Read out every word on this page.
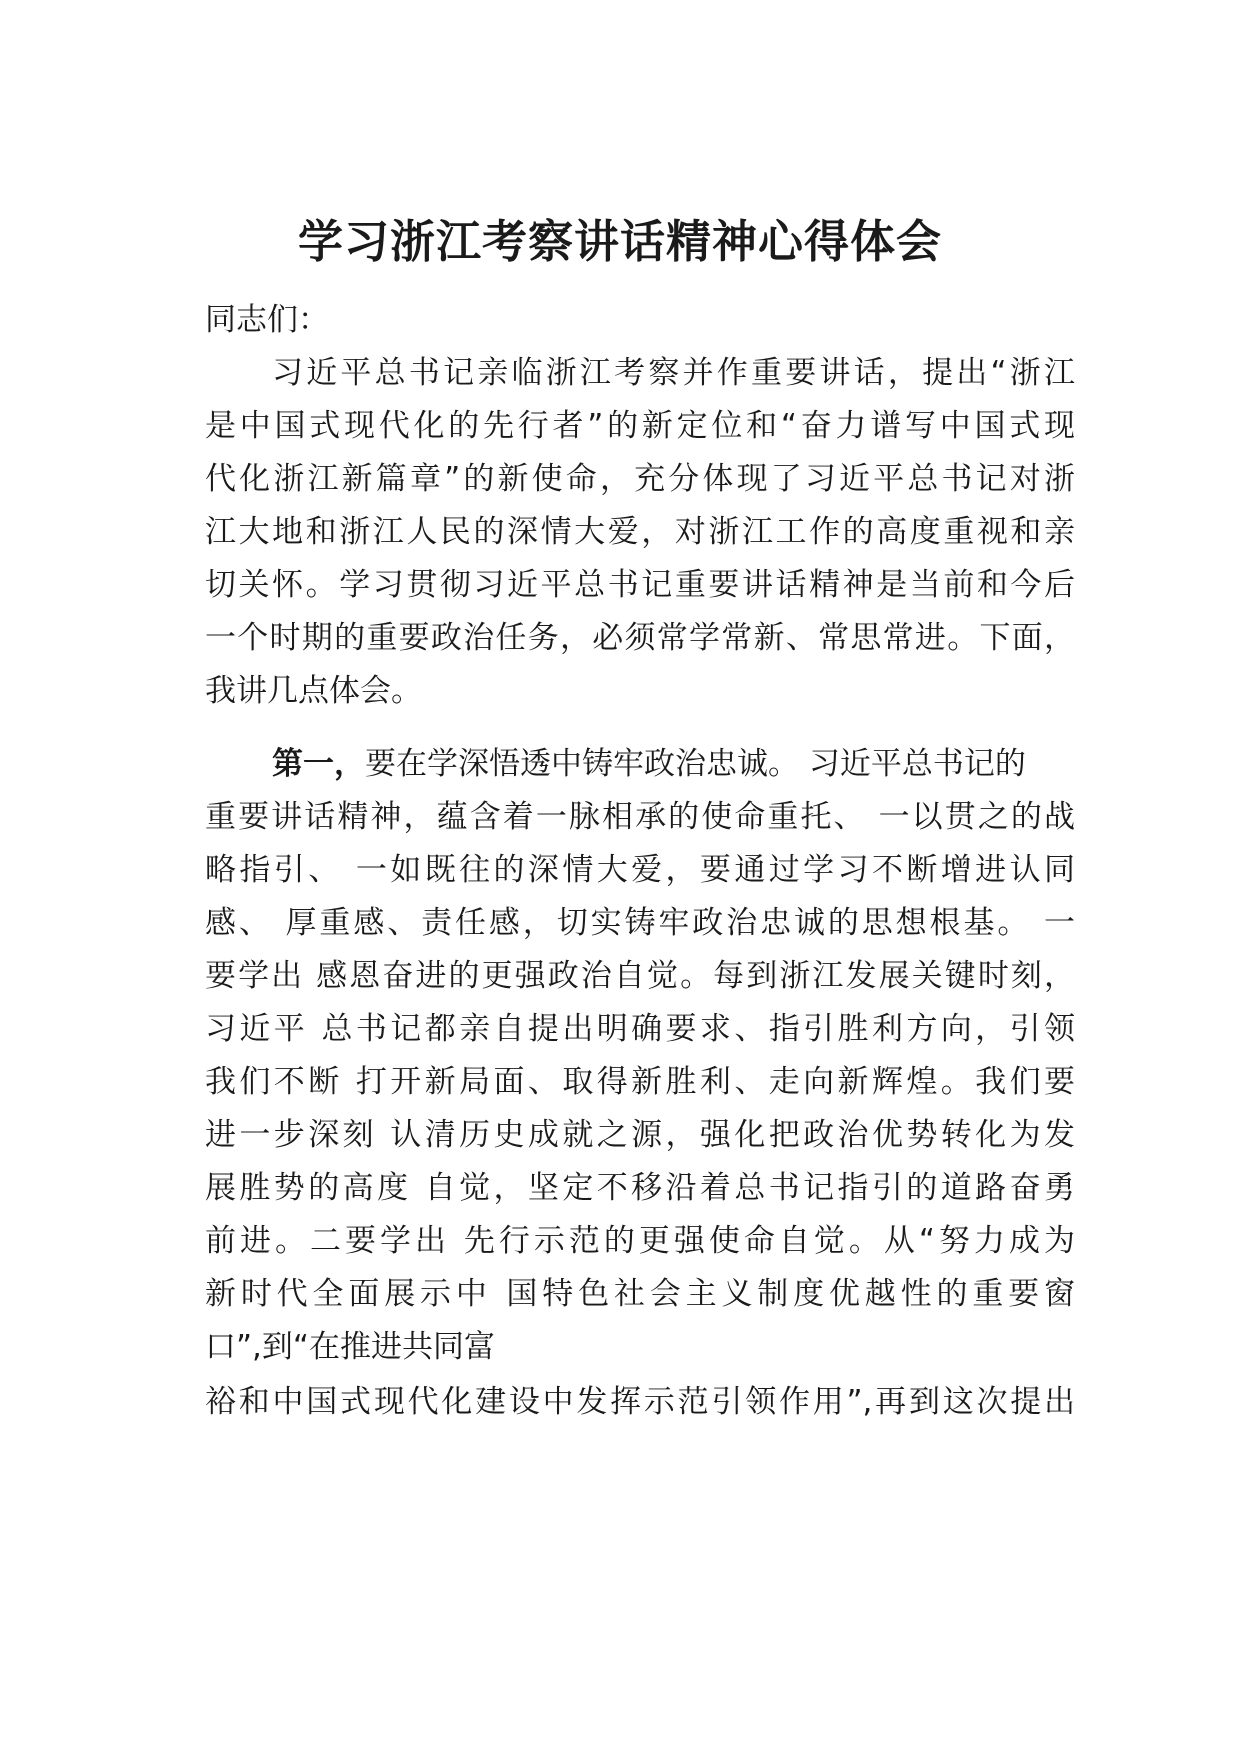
学习浙江考察讲话精神心得体会

同志们：

习近平总书记亲临浙江考察并作重要讲话，提出“浙江

是中国式现代化的先行者”的新定位和“奋力谱写中国式现

代化浙江新篇章”的新使命，充分体现了习近平总书记对浙

江大地和浙江人民的深情大爱，对浙江工作的高度重视和亲

切关怀。学习贯彻习近平总书记重要讲话精神是当前和今后

一个时期的重要政治任务，必须常学常新、常思常进。下面，

我讲几点体会。

第一，要在学深悟透中铸牢政治忠诚。 习近平总书记的

重要讲话精神，蕴含着一脉相承的使命重托、 一以贯之的战

略指引、 一如既往的深情大爱，要通过学习不断增进认同

感、 厚重感、责任感，切实铸牢政治忠诚的思想根基。 一

要学出 感恩奋进的更强政治自觉。每到浙江发展关键时刻，

习近平 总书记都亲自提出明确要求、指引胜利方向，引领

我们不断 打开新局面、取得新胜利、走向新辉煌。我们要

进一步深刻 认清历史成就之源，强化把政治优势转化为发

展胜势的高度 自觉，坚定不移沿着总书记指引的道路奋勇

前进。二要学出 先行示范的更强使命自觉。从“努力成为

新时代全面展示中 国特色社会主义制度优越性的重要窗

口”,到“在推进共同富

裕和中国式现代化建设中发挥示范引领作用”,再到这次提出
